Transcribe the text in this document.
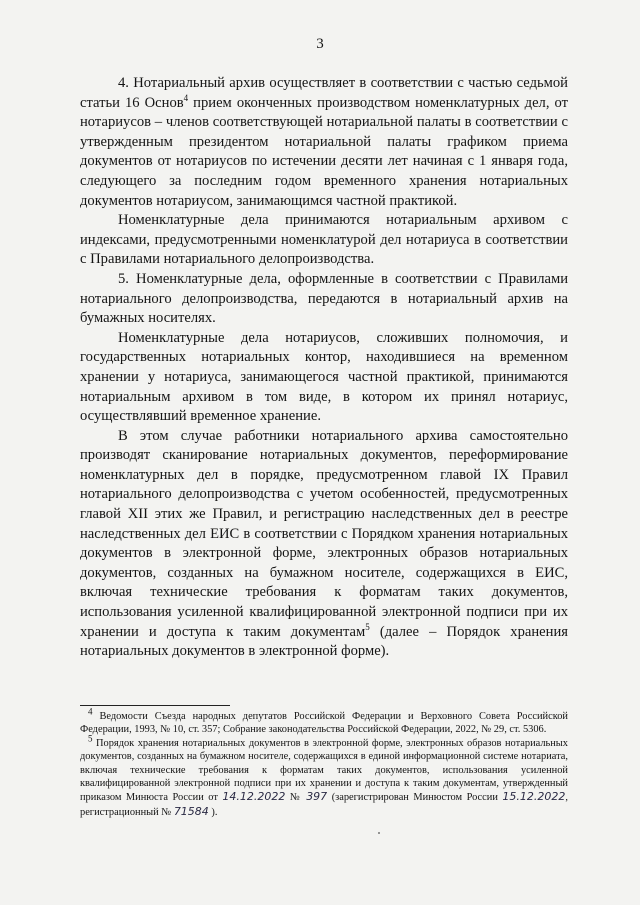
3

4. Нотариальный архив осуществляет в соответствии с частью седьмой статьи 16 Основ$^4$ прием оконченных производством номенклатурных дел, от нотариусов – членов соответствующей нотариальной палаты в соответствии с утвержденным президентом нотариальной палаты графиком приема документов от нотариусов по истечении десяти лет начиная с 1 января года, следующего за последним годом временного хранения нотариальных документов нотариусом, занимающимся частной практикой.

Номенклатурные дела принимаются нотариальным архивом с индексами, предусмотренными номенклатурой дел нотариуса в соответствии с Правилами нотариального делопроизводства.

5. Номенклатурные дела, оформленные в соответствии с Правилами нотариального делопроизводства, передаются в нотариальный архив на бумажных носителях.

Номенклатурные дела нотариусов, сложивших полномочия, и государственных нотариальных контор, находившиеся на временном хранении у нотариуса, занимающегося частной практикой, принимаются нотариальным архивом в том виде, в котором их принял нотариус, осуществлявший временное хранение.

В этом случае работники нотариального архива самостоятельно производят сканирование нотариальных документов, переформирование номенклатурных дел в порядке, предусмотренном главой IX Правил нотариального делопроизводства с учетом особенностей, предусмотренных главой XII этих же Правил, и регистрацию наследственных дел в реестре наследственных дел ЕИС в соответствии с Порядком хранения нотариальных документов в электронной форме, электронных образов нотариальных документов, созданных на бумажном носителе, содержащихся в ЕИС, включая технические требования к форматам таких документов, использования усиленной квалифицированной электронной подписи при их хранении и доступа к таким документам$^5$ (далее – Порядок хранения нотариальных документов в электронной форме).

$^4$ Ведомости Съезда народных депутатов Российской Федерации и Верховного Совета Российской Федерации, 1993, № 10, ст. 357; Собрание законодательства Российской Федерации, 2022, № 29, ст. 5306.

$^5$ Порядок хранения нотариальных документов в электронной форме, электронных образов нотариальных документов, созданных на бумажном носителе, содержащихся в единой информационной системе нотариата, включая технические требования к форматам таких документов, использования усиленной квалифицированной электронной подписи при их хранении и доступа к таким документам, утвержденный приказом Минюста России от 14.12.2022 № 397 (зарегистрирован Минюстом России 15.12.2022, регистрационный № 71584 ).
